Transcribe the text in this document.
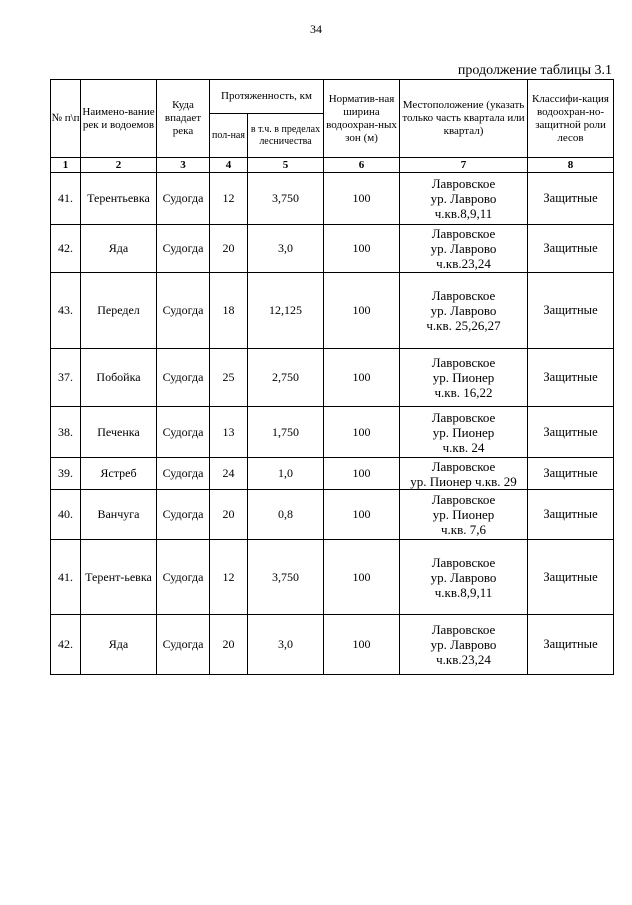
34
продолжение таблицы 3.1
№ п\п	Наимено-вание рек и водоемов	Куда впадает река	Протяженность, км		Норматив-ная ширина водоохран-ных зон (м)	Местоположение (указать только часть квартала или квартал)	Классифи-кация водоохран-но-защитной роли лесов
			пол-ная	в т.ч. в пределах лесничества			
1	2	3	4	5	6	7	8
41.	Терентьевка	Судогда	12	3,750	100	Лавровское
ур. Лаврово
ч.кв.8,9,11	Защитные
42.	Яда	Судогда	20	3,0	100	Лавровское
ур. Лаврово
ч.кв.23,24	Защитные
43.	Передел	Судогда	18	12,125	100	Лавровское
ур. Лаврово
ч.кв. 25,26,27	Защитные
37.	Побойка	Судогда	25	2,750	100	Лавровское
ур. Пионер
ч.кв. 16,22	Защитные
38.	Печенка	Судогда	13	1,750	100	Лавровское
ур. Пионер
ч.кв. 24	Защитные
39.	Ястреб	Судогда	24	1,0	100	Лавровское
ур. Пионер ч.кв. 29	Защитные
40.	Ванчуга	Судогда	20	0,8	100	Лавровское
ур. Пионер
ч.кв. 7,6	Защитные
41.	Терент-ьевка	Судогда	12	3,750	100	Лавровское
ур. Лаврово
ч.кв.8,9,11	Защитные
42.	Яда	Судогда	20	3,0	100	Лавровское
ур. Лаврово
ч.кв.23,24	Защитные
